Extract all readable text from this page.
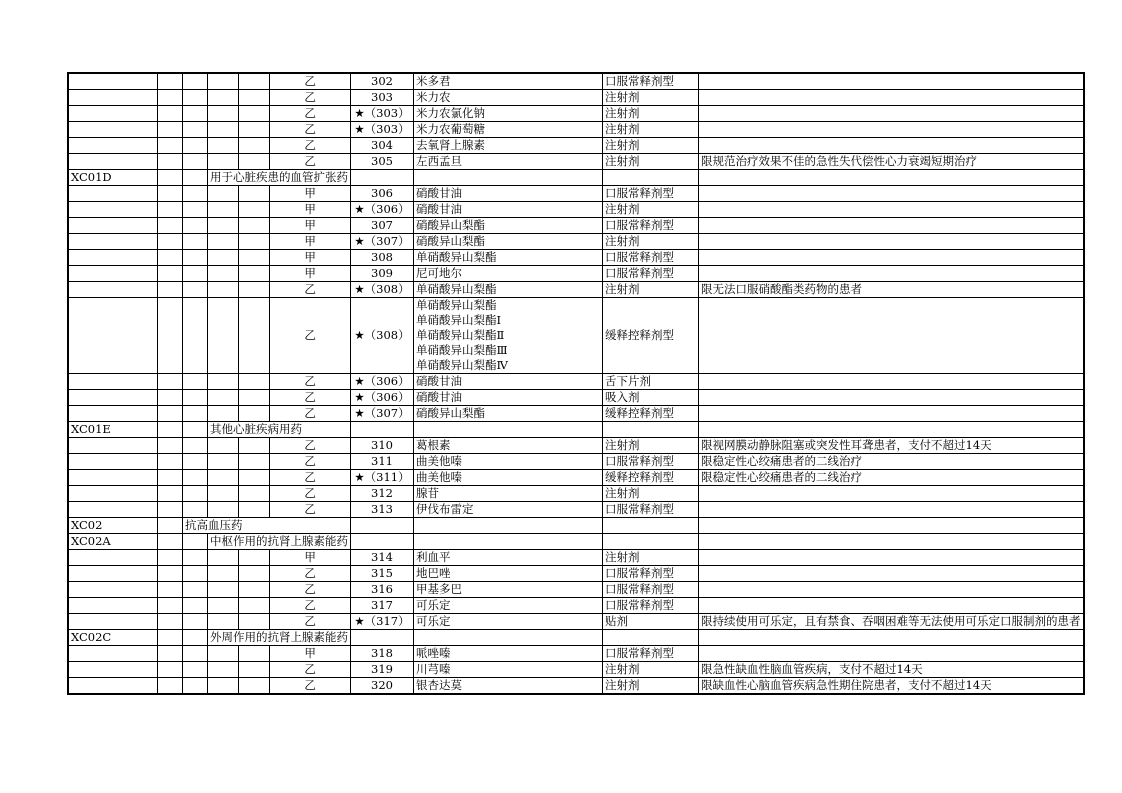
					乙	302	米多君	口服常释剂型	
					乙	303	米力农	注射剂	
					乙	★（303）	米力农氯化钠	注射剂	
					乙	★（303）	米力农葡萄糖	注射剂	
					乙	304	去氧肾上腺素	注射剂	
					乙	305	左西孟旦	注射剂	限规范治疗效果不佳的急性失代偿性心力衰竭短期治疗
XC01D			用于心脏疾患的血管扩张药						
					甲	306	硝酸甘油	口服常释剂型	
					甲	★（306）	硝酸甘油	注射剂	
					甲	307	硝酸异山梨酯	口服常释剂型	
					甲	★（307）	硝酸异山梨酯	注射剂	
					甲	308	单硝酸异山梨酯	口服常释剂型	
					甲	309	尼可地尔	口服常释剂型	
					乙	★（308）	单硝酸异山梨酯	注射剂	限无法口服硝酸酯类药物的患者
					乙	★（308）	单硝酸异山梨酯
单硝酸异山梨酯Ⅰ
单硝酸异山梨酯Ⅱ
单硝酸异山梨酯Ⅲ
单硝酸异山梨酯Ⅳ	缓释控释剂型	
					乙	★（306）	硝酸甘油	舌下片剂	
					乙	★（306）	硝酸甘油	吸入剂	
					乙	★（307）	硝酸异山梨酯	缓释控释剂型	
XC01E			其他心脏疾病用药						
					乙	310	葛根素	注射剂	限视网膜动静脉阻塞或突发性耳聋患者，支付不超过14天
					乙	311	曲美他嗪	口服常释剂型	限稳定性心绞痛患者的二线治疗
					乙	★（311）	曲美他嗪	缓释控释剂型	限稳定性心绞痛患者的二线治疗
					乙	312	腺苷	注射剂	
					乙	313	伊伐布雷定	口服常释剂型	
XC02		抗高血压药							
XC02A			中枢作用的抗肾上腺素能药						
					甲	314	利血平	注射剂	
					乙	315	地巴唑	口服常释剂型	
					乙	316	甲基多巴	口服常释剂型	
					乙	317	可乐定	口服常释剂型	
					乙	★（317）	可乐定	贴剂	限持续使用可乐定，且有禁食、吞咽困难等无法使用可乐定口服制剂的患者
XC02C			外周作用的抗肾上腺素能药						
					甲	318	哌唑嗪	口服常释剂型	
					乙	319	川芎嗪	注射剂	限急性缺血性脑血管疾病，支付不超过14天
					乙	320	银杏达莫	注射剂	限缺血性心脑血管疾病急性期住院患者，支付不超过14天
